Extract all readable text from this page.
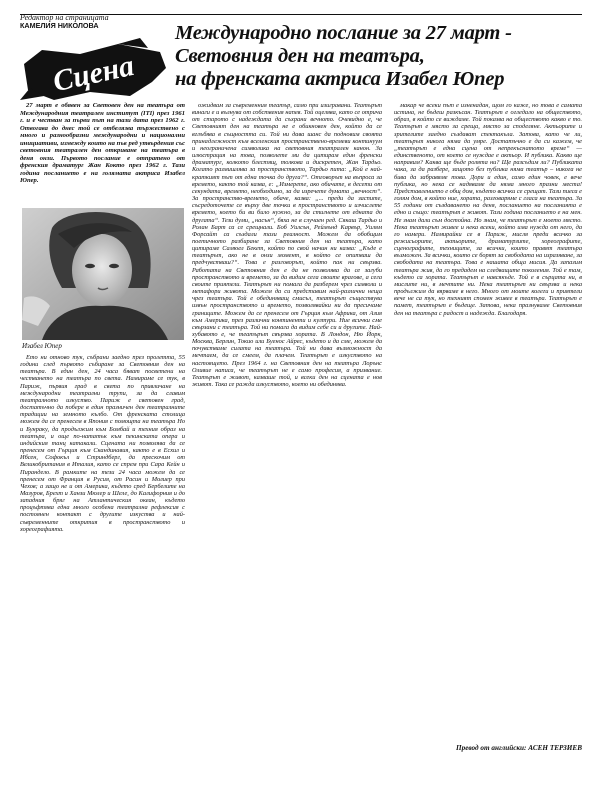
Редактор на страницата
КАМЕЛИЯ НИКОЛОВА
Сцена
Международно послание за 27 март -
Световния ден на театъра,
на френската актриса Изабел Юпер

27 март е обявен за Световен ден на театъра от Международния театрален институт (ITI) през 1961 г. и е честван за първи път на тази дата през 1962 г. Отвогава до днес той се отбелязва тържествено с много и разнообразни международни и национални инициативи, измежду които на пъв ред утвърдения със световния театрален ден откриване на театъра в деня онзи. Първото послание е отпратено от френския драматург Жан Кокто през 1962 г. Тази година посланието е на голямата актриса Изабел Юпер.

Изабел Юпер

Ето ни отново тук, събрани заедно през пролетта, 55 години след първото събиране за Световния ден на театъра. В един ден, 24 часа бяват посветени на честването на театъра по света. Намираме се тук, в Париж, първия град в света по привличане на международни театрални трупи, за да славим театралното изкуство. Париж е световен град, достатъчно да побере в един празничен ден театралните традиции на земното кълбо. От френската столица можем да се пренесем в Япония с помощта на театъра Но и Бунраку, да продължим към Бомбай и техния образ на театъра, и още по-нататък към пекинската опера и индийския танц катакали. Сцената ни позволява да се пренесем от Гърция към Скандинавия, както е в Есхил и Ибсен, Софокъл и Стриндберг, да прескочим от Великобритания в Италия, като се спрем при Сара Кейн и Пирандело. В рамките на тези 24 часа можем да се пренесем от Франция в Русия, от Расин и Молиер при Чехов; а защо не и от Америка, където сред Бербелите на Мазуров, Брехт и Ханзи Мюлер и Шеле, до Калифорния и до западния бряг на Атлантическия океан, където процъфтява една много особена театрална рефлексия с постоянен контакт с другите изкуства и най-съвременните открития в пространството и хореографията.

ожидвам за съвременния театър, само при изигравани. Театърът винаги е и вълнува от собствения напев. Той оцелява, като се отрича от старото с надеждата да съхрани вечното. Очевидно е, че Световният ден на театъра не е обикновен ден, който да се вглъбява в същността си. Той ни дава шанс да подновим своята принадлежност към вселенския пространствено-времеви континуум и неограничена символика на световния театрален канон. За илюстрация на това, позволете ми да цитирам един френски драматург, колкото блестящ, толкова и дискретен, Жан Тардьо. Когато размишлява за пространството, Тардьо пита: „Кой е най-краткият път от една точка до друга?“. Отговорът на въпроса за времето, както той казва, е: „Измерете, ако обичате, в десети от секундата, времето, необходимо, за да изречете думата „вечност“. За пространство-времето, обаче, казва: „... преди да заспите, съсредоточете се върху две точки в пространството и изчислете времето, което би ви било нужно, за да стигнете от едната до другата“. Тези думи, „насън“, бяха не в случаен ред. Сякаш Тардьо и Ролан Барт са се срещнали. Боб Уилсън, Реймънд Карвър, Уилям Форсайт са създали тази реалност. Можем да обобщим поетичното разбиране за Световния ден на театъра, като цитираме Самюел Бекет, който по свой начин ни казва: „Къде е театърът, ако не в онзи момент, в който се опитваш да предчувстваш?“. Това е разговорът, който пак ни свързва. Работата на Световния ден е да не позволява да се загуби пространството и времето, за да видим сега своите врагове, а сега своите приятели. Театърът ни помага да разберем чрез символи и метафори живота. Можем да си представим най-различни неща чрез театъра. Той е обединяващ смисъл, театърът съществува извън пространството и времето, позволявайки ни да пресичаме границите. Можем да се пренесем от Гърция към Африка, от Азия към Америка, през различни континенти и култури. Ние всички сме свързани с театъра. Той ни помага да видим себе си и другите. Най-хубавото е, че театърът свързва хората. В Лондон, Ню Йорк, Москва, Берлин, Токио или Буенос Айрес, където и да сме, можем да почувстваме силата на театъра. Той ни дава възможност да мечтаем, да се смеем, да плачем. Театърът е изкуството на настоящето. През 1964 г. на Световния ден на театъра Лорънс Оливие написа, че театърът не е само професия, а призвание. Театърът е живот, казваше той, и всеки ден на сцената е нов живот. Така се ражда изкуството, което ни обединява.

макар че всеки път е изненадан, щом го каже, но това е самата истина, не бъдеш разкъсан. Театърът е огледало на обществото, образ, в който се виждаме. Той показва на обществото какво е то. Театърът е място за среща, място за споделяне. Актьорите и зрителите заедно създават спектакъла. Затова, като че ли, театърът никога няма да умре. Достатъчно е да си кажем, че „театърът е една сцена от непрекъснатото време“ — единственото, от което се нуждае е актьор. И публика. Какво ще направим? Каква ще бъде ролята ни? Ще разсъдим ли? Публиката чака, за да разбере, защото без публика няма театър – никога не бива да забравяме това. Дори и един, само един човек, е вече публика, но нека се надяваме да няма много празни места! Представлението е общ дом, където всички се срещат. Тази пиеса е голям дом, в който ние, хората, разговаряме с гласа на театъра. За 55 години от създаването на деня, посланието на посланията е едно и също: театърът е живот. Тази година посланието е на мен. Не знам дали съм достойна. Но знам, че театърът е моето място. Нека театърът живее и нека всеки, който има нужда от него, да го намери. Намирайки се в Париж, мисля преди всичко за режисьорите, актьорите, драматурзите, хореографите, сценографите, техниците, за всички, които правят театъра възможен. За всички, които се борят за свободата на изразяване, за свободата на театъра. Това е нашата обща мисия. Да запазим театъра жив, да го предадем на следващите поколения. Той е там, където са хората. Театърът е навсякъде. Той е в сърцата ни, в мислите ни, в мечтите ни. Нека театърът ни свързва и нека продължим да вярваме в него. Много от моите колеги и приятели вече не са тук, но техният спомен живее в театъра. Театърът е памет, театърът е бъдеще. Затова, нека празнуваме Световния ден на театъра с радост и надежда. Благодаря.

Превод от английски: АСЕН ТЕРЗИЕВ
